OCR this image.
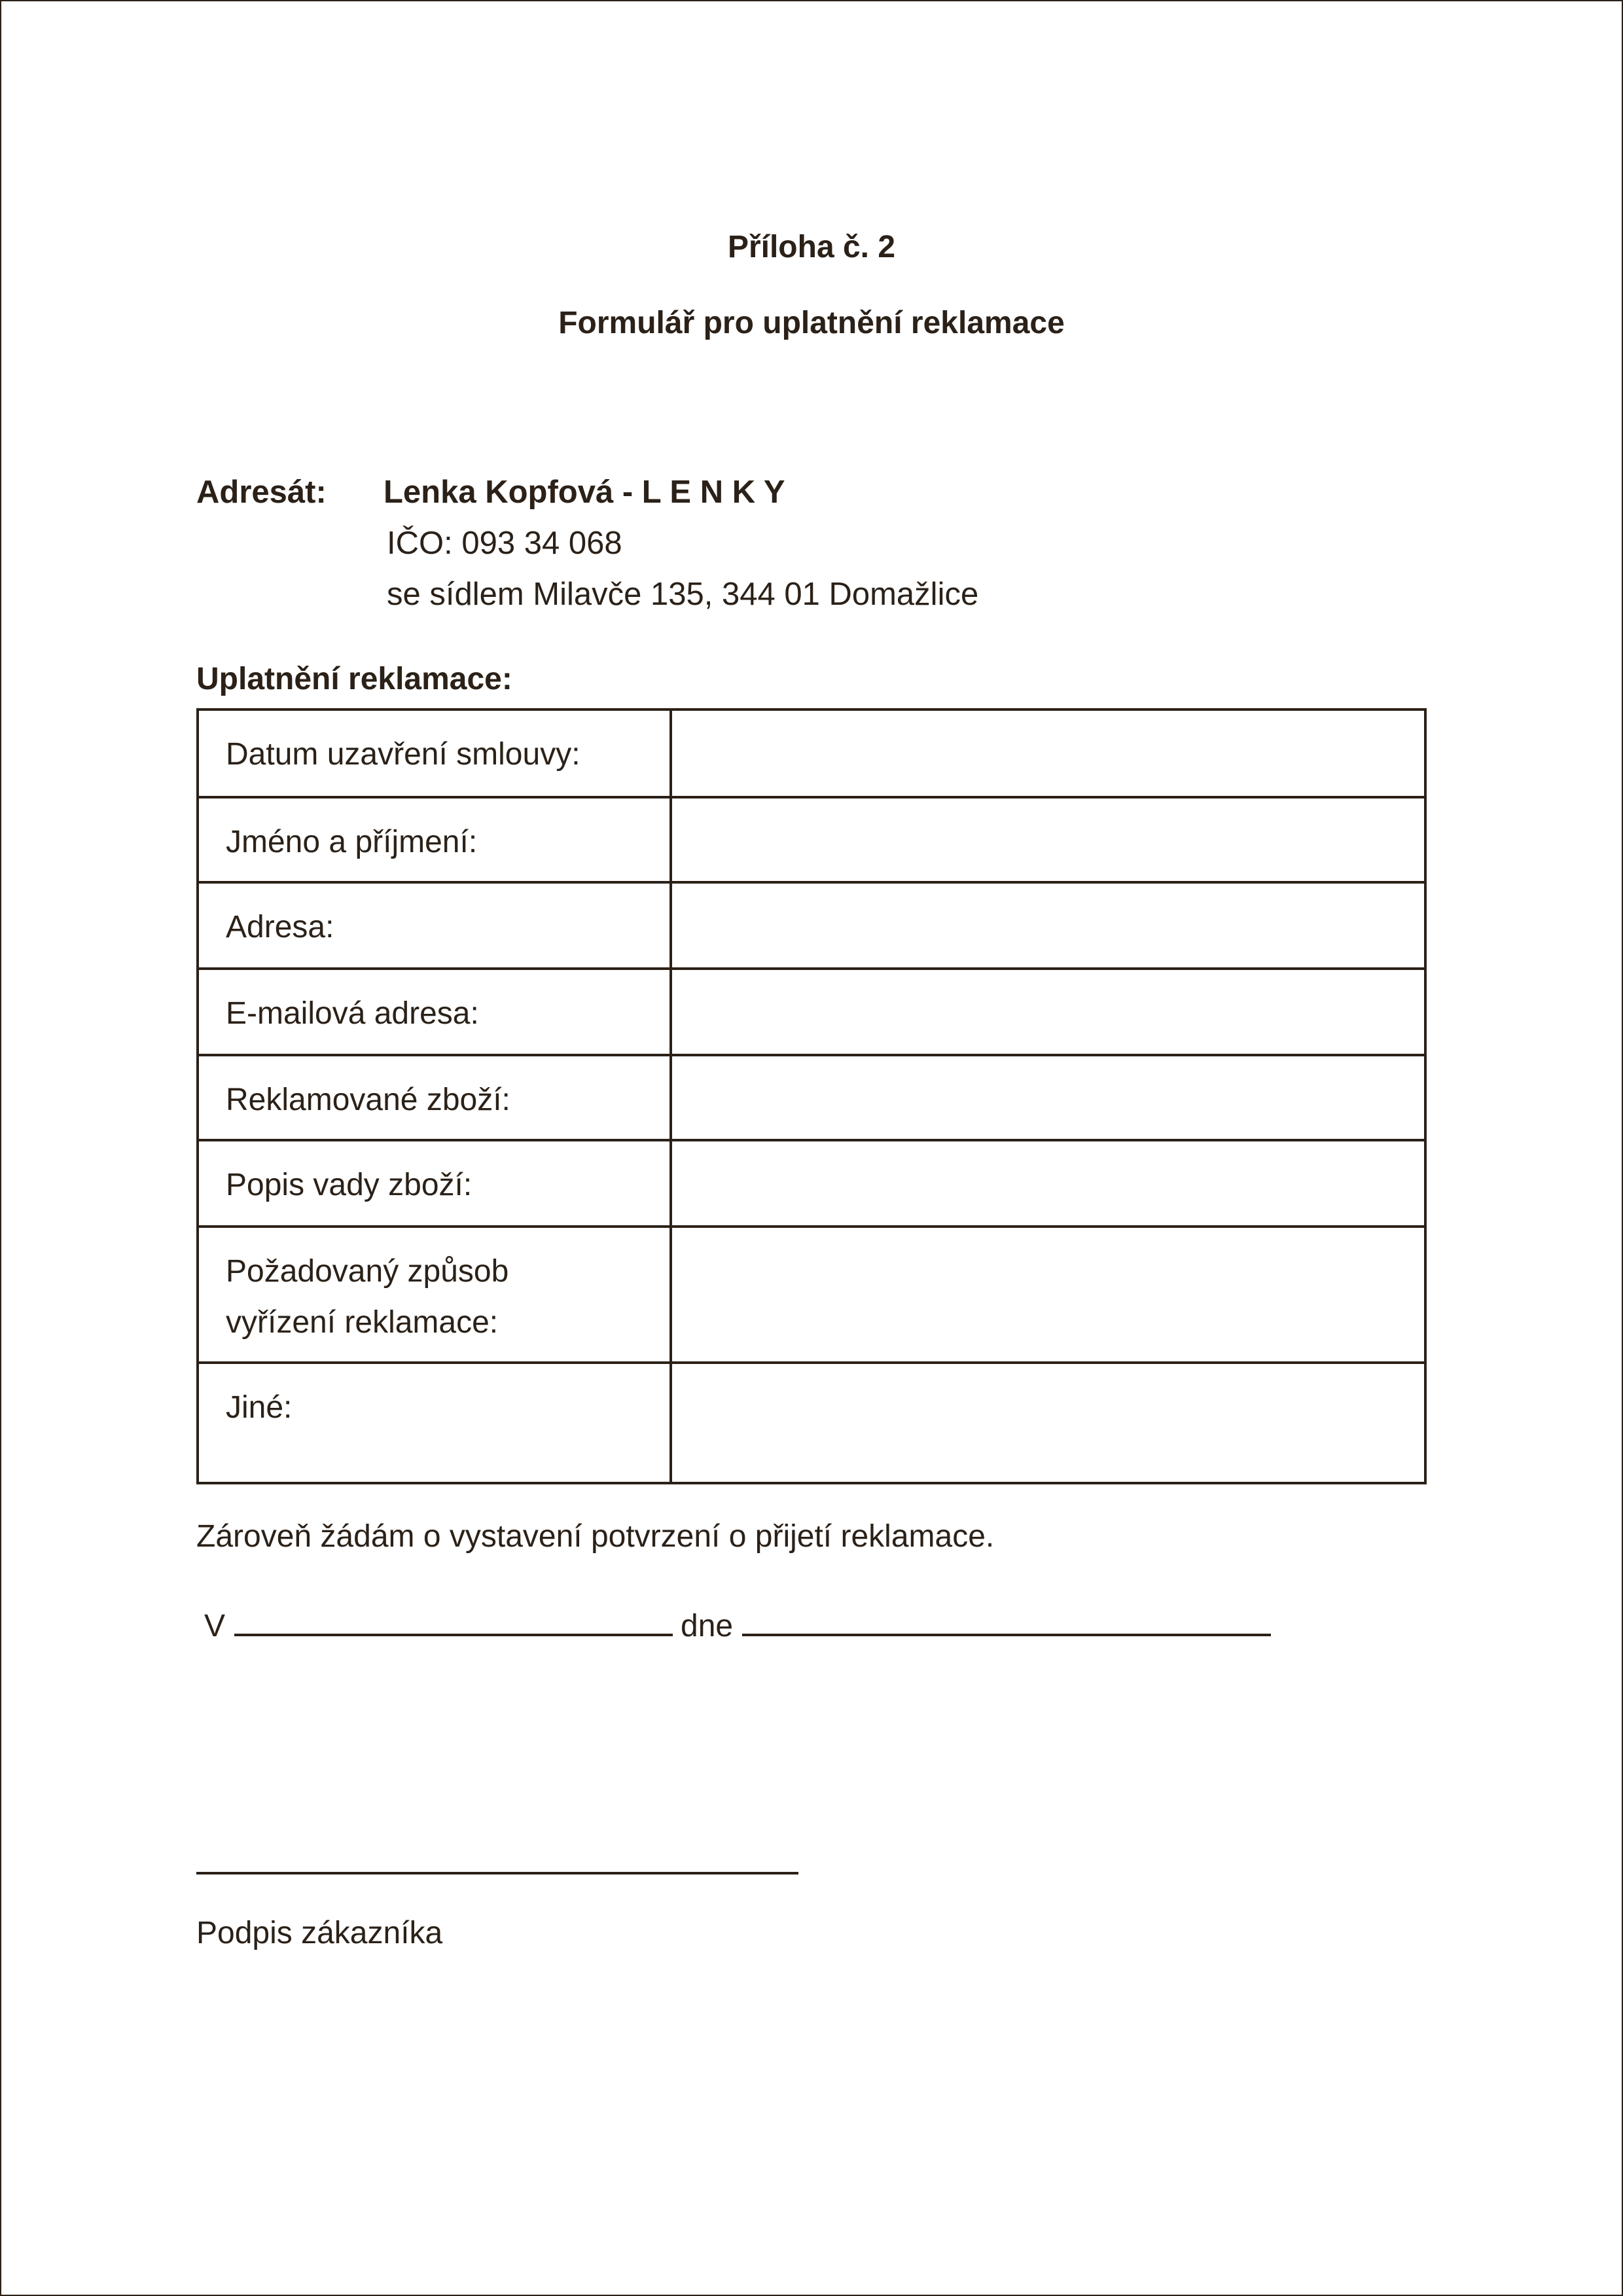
Příloha č. 2
Formulář pro uplatnění reklamace
Adresát: Lenka Kopfová - L E N K Y
IČO: 093 34 068
se sídlem Milavče 135, 344 01 Domažlice
Uplatnění reklamace:
Datum uzavření smlouvy:	
Jméno a příjmení:	
Adresa:	
E-mailová adresa:	
Reklamované zboží:	
Popis vady zboží:	

Požadovaný způsob
vyřízení reklamace:	

Jiné:	
Zároveň žádám o vystavení potvrzení o přijetí reklamace.
V	dne
Podpis zákazníka
